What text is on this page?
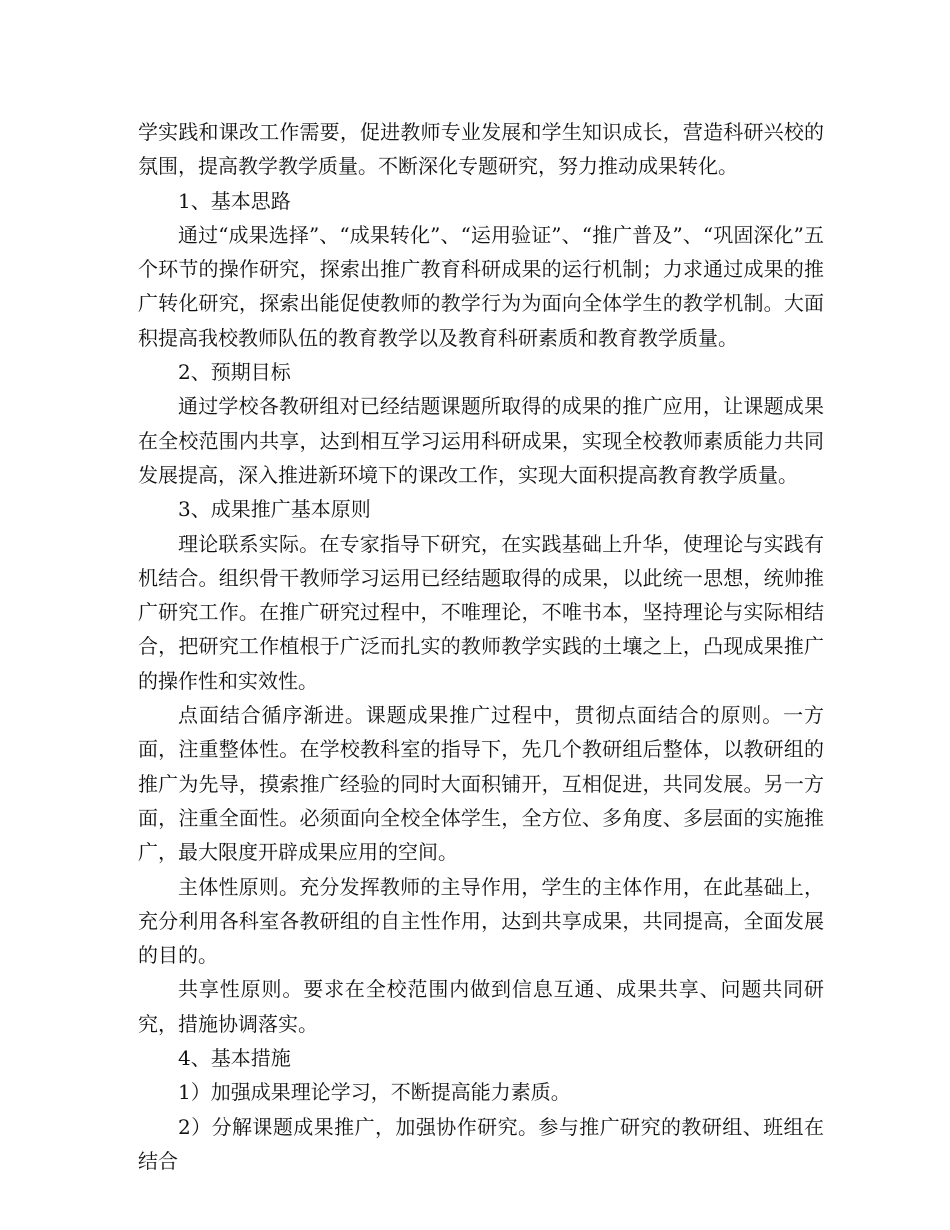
学实践和课改工作需要，促进教师专业发展和学生知识成长，营造科研兴校的氛围，提高教学教学质量。不断深化专题研究，努力推动成果转化。

1、基本思路

通过“成果选择”、“成果转化”、“运用验证”、“推广普及”、“巩固深化”五个环节的操作研究，探索出推广教育科研成果的运行机制；力求通过成果的推广转化研究，探索出能促使教师的教学行为为面向全体学生的教学机制。大面积提高我校教师队伍的教育教学以及教育科研素质和教育教学质量。

2、预期目标

通过学校各教研组对已经结题课题所取得的成果的推广应用，让课题成果在全校范围内共享，达到相互学习运用科研成果，实现全校教师素质能力共同发展提高，深入推进新环境下的课改工作，实现大面积提高教育教学质量。

3、成果推广基本原则

理论联系实际。在专家指导下研究，在实践基础上升华，使理论与实践有机结合。组织骨干教师学习运用已经结题取得的成果，以此统一思想，统帅推广研究工作。在推广研究过程中，不唯理论，不唯书本，坚持理论与实际相结合，把研究工作植根于广泛而扎实的教师教学实践的土壤之上，凸现成果推广的操作性和实效性。

点面结合循序渐进。课题成果推广过程中，贯彻点面结合的原则。一方面，注重整体性。在学校教科室的指导下，先几个教研组后整体，以教研组的推广为先导，摸索推广经验的同时大面积铺开，互相促进，共同发展。另一方面，注重全面性。必须面向全校全体学生，全方位、多角度、多层面的实施推广，最大限度开辟成果应用的空间。

主体性原则。充分发挥教师的主导作用，学生的主体作用，在此基础上，充分利用各科室各教研组的自主性作用，达到共享成果，共同提高，全面发展的目的。

共享性原则。要求在全校范围内做到信息互通、成果共享、问题共同研究，措施协调落实。

4、基本措施

1）加强成果理论学习，不断提高能力素质。

2）分解课题成果推广，加强协作研究。参与推广研究的教研组、班组在结合
